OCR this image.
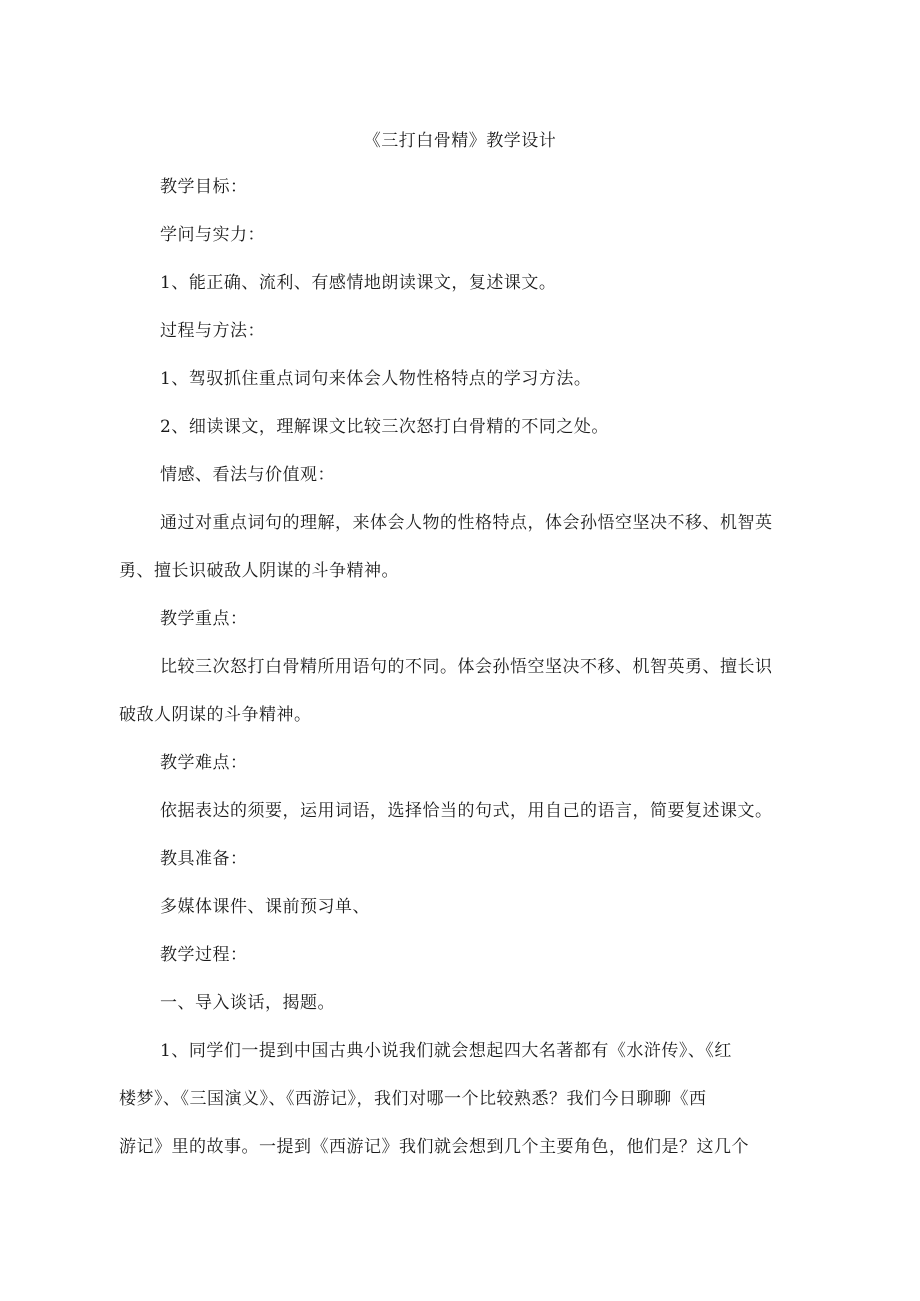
《三打白骨精》教学设计
教学目标：
学问与实力：
1、能正确、流利、有感情地朗读课文，复述课文。
过程与方法：
1、驾驭抓住重点词句来体会人物性格特点的学习方法。
2、细读课文，理解课文比较三次怒打白骨精的不同之处。
情感、看法与价值观：
通过对重点词句的理解，来体会人物的性格特点，体会孙悟空坚决不移、机智英
勇、擅长识破敌人阴谋的斗争精神。
教学重点：
比较三次怒打白骨精所用语句的不同。体会孙悟空坚决不移、机智英勇、擅长识
破敌人阴谋的斗争精神。
教学难点：
依据表达的须要，运用词语，选择恰当的句式，用自己的语言，简要复述课文。
教具准备：
多媒体课件、课前预习单、
教学过程：
一、导入谈话，揭题。
1、同学们一提到中国古典小说我们就会想起四大名著都有《水浒传》、《红
楼梦》、《三国演义》、《西游记》，我们对哪一个比较熟悉？我们今日聊聊《西
游记》里的故事。一提到《西游记》我们就会想到几个主要角色，他们是？这几个
